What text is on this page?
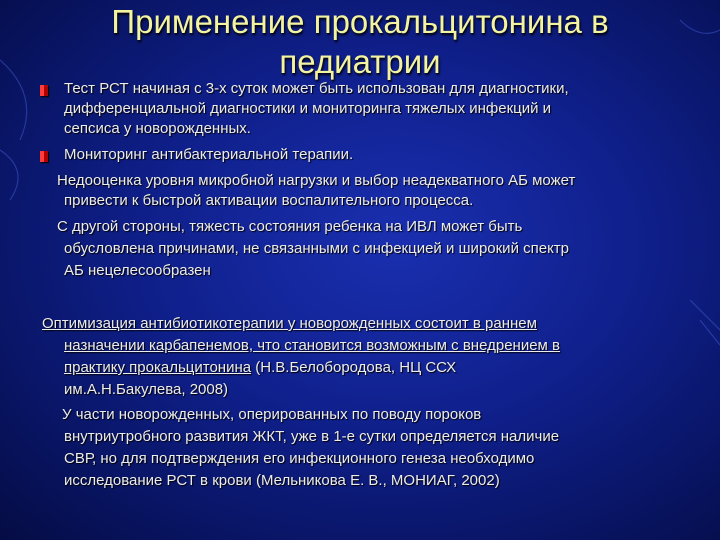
Применение прокальцитонина в
педиатрии
Тест РСТ начиная с 3-х суток может быть использован для диагностики,
дифференциальной диагностики и мониторинга тяжелых инфекций и
сепсиса у новорожденных.
Мониторинг антибактериальной терапии.
Недооценка уровня микробной нагрузки и выбор неадекватного АБ может
привести к быстрой активации воспалительного процесса.
С другой стороны, тяжесть состояния ребенка на ИВЛ может быть
обусловлена причинами, не связанными с инфекцией и широкий спектр
АБ нецелесообразен
Оптимизация антибиотикотерапии у новорожденных состоит в раннем
назначении карбапенемов, что становится возможным с внедрением в
практику прокальцитонина (Н.В.Белобородова, НЦ ССХ
им.А.Н.Бакулева, 2008)
У части новорожденных, оперированных по поводу пороков
внутриутробного развития ЖКТ, уже в 1-е сутки определяется наличие
СВР, но для подтверждения его инфекционного генеза необходимо
исследование РСТ в крови (Мельникова Е. В., МОНИАГ, 2002)
